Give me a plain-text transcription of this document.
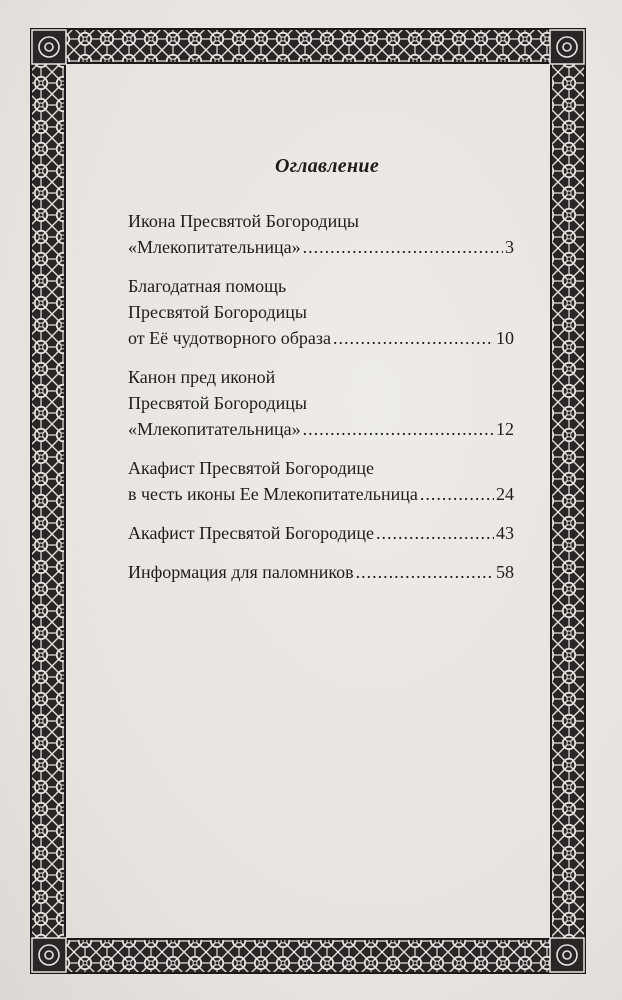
Оглавление
Икона Пресвятой Богородицы
«Млекопитательница» .....	3
Благодатная помощь
Пресвятой Богородицы
от Её чудотворного образа .....	10
Канон пред иконой
Пресвятой Богородицы
«Млекопитательница» .....	12
Акафист Пресвятой Богородице
в честь иконы Ее Млекопитательница .....	24
Акафист Пресвятой Богородице .....	43
Информация для паломников .....	58
